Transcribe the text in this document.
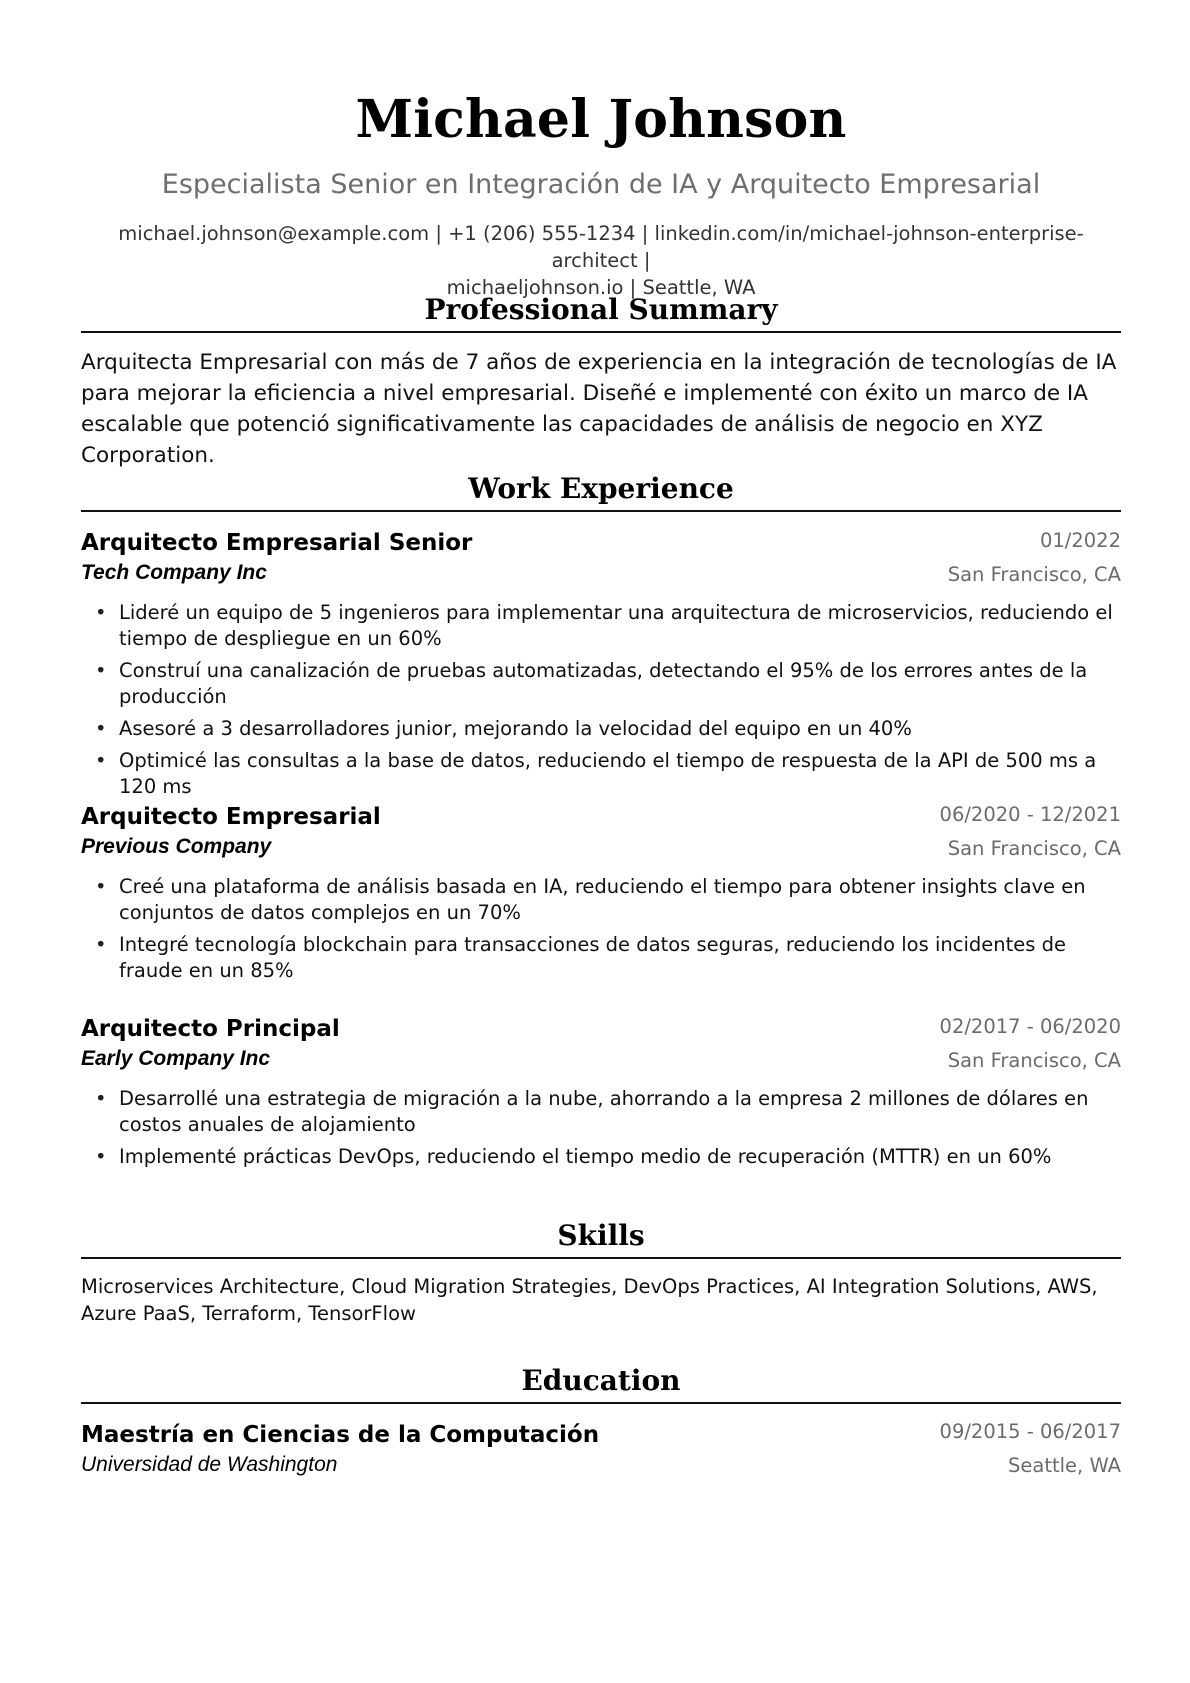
Michael Johnson
Especialista Senior en Integración de IA y Arquitecto Empresarial
michael.johnson@example.com | +1 (206) 555-1234 | linkedin.com/in/michael-johnson-enterprise-architect |
michaeljohnson.io | Seattle, WA
Professional Summary
Arquitecta Empresarial con más de 7 años de experiencia en la integración de tecnologías de IA para mejorar la eficiencia a nivel empresarial. Diseñé e implementé con éxito un marco de IA escalable que potenció significativamente las capacidades de análisis de negocio en XYZ Corporation.
Work Experience
Arquitecto Empresarial Senior	01/2022
Tech Company Inc	San Francisco, CA
• Lideré un equipo de 5 ingenieros para implementar una arquitectura de microservicios, reduciendo el tiempo de despliegue en un 60%
• Construí una canalización de pruebas automatizadas, detectando el 95% de los errores antes de la producción
• Asesoré a 3 desarrolladores junior, mejorando la velocidad del equipo en un 40%
• Optimicé las consultas a la base de datos, reduciendo el tiempo de respuesta de la API de 500 ms a 120 ms
Arquitecto Empresarial	06/2020 - 12/2021
Previous Company	San Francisco, CA
• Creé una plataforma de análisis basada en IA, reduciendo el tiempo para obtener insights clave en conjuntos de datos complejos en un 70%
• Integré tecnología blockchain para transacciones de datos seguras, reduciendo los incidentes de fraude en un 85%
Arquitecto Principal	02/2017 - 06/2020
Early Company Inc	San Francisco, CA
• Desarrollé una estrategia de migración a la nube, ahorrando a la empresa 2 millones de dólares en costos anuales de alojamiento
• Implementé prácticas DevOps, reduciendo el tiempo medio de recuperación (MTTR) en un 60%
Skills
Microservices Architecture, Cloud Migration Strategies, DevOps Practices, AI Integration Solutions, AWS, Azure PaaS, Terraform, TensorFlow
Education
Maestría en Ciencias de la Computación	09/2015 - 06/2017
Universidad de Washington	Seattle, WA
